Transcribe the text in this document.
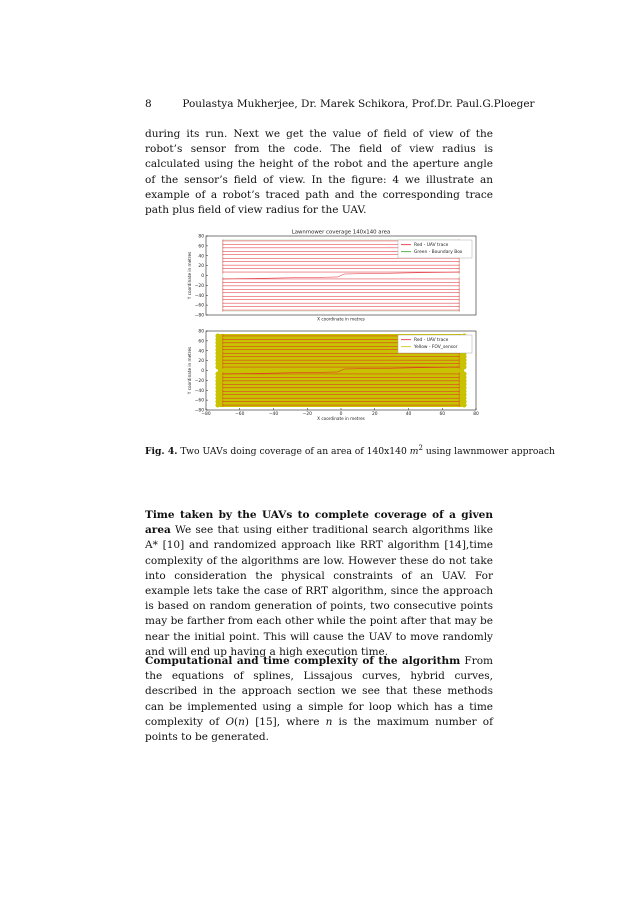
8	Poulastya Mukherjee, Dr. Marek Schikora, Prof.Dr. Paul.G.Ploeger

during its run. Next we get the value of field of view of the robot’s sensor from the code. The field of view radius is calculated using the height of the robot and the aperture angle of the sensor’s field of view. In the figure: 4 we illustrate an example of a robot’s traced path and the corresponding trace path plus field of view radius for the UAV.

80
60
40
20
0
−20
−40
−60
−80
Lawnmower coverage 140x140 area
X coordinate in metres
Y coordinate in metres
Red - UAV trace
Green - Boundary Box
80
60
40
20
0
−20
−40
−60
−80
−80	−60	−40	−20	0	20	40	60	80
X coordinate in metres
Y coordinate in metres
Red - UAV trace
Yellow - FOV_sensor
Fig. 4. Two UAVs doing coverage of an area of 140x140 $m^2$ using lawnmower approach

Time taken by the UAVs to complete coverage of a given area We see that using either traditional search algorithms like A* [10] and randomized approach like RRT algorithm [14],time complexity of the algorithms are low. However these do not take into consideration the physical constraints of an UAV. For example lets take the case of RRT algorithm, since the approach is based on random generation of points, two consecutive points may be farther from each other while the point after that may be near the initial point. This will cause the UAV to move randomly and will end up having a high execution time.

Computational and time complexity of the algorithm From the equations of splines, Lissajous curves, hybrid curves, described in the approach section we see that these methods can be implemented using a simple for loop which has a time complexity of O(n) [15], where n is the maximum number of points to be generated.
